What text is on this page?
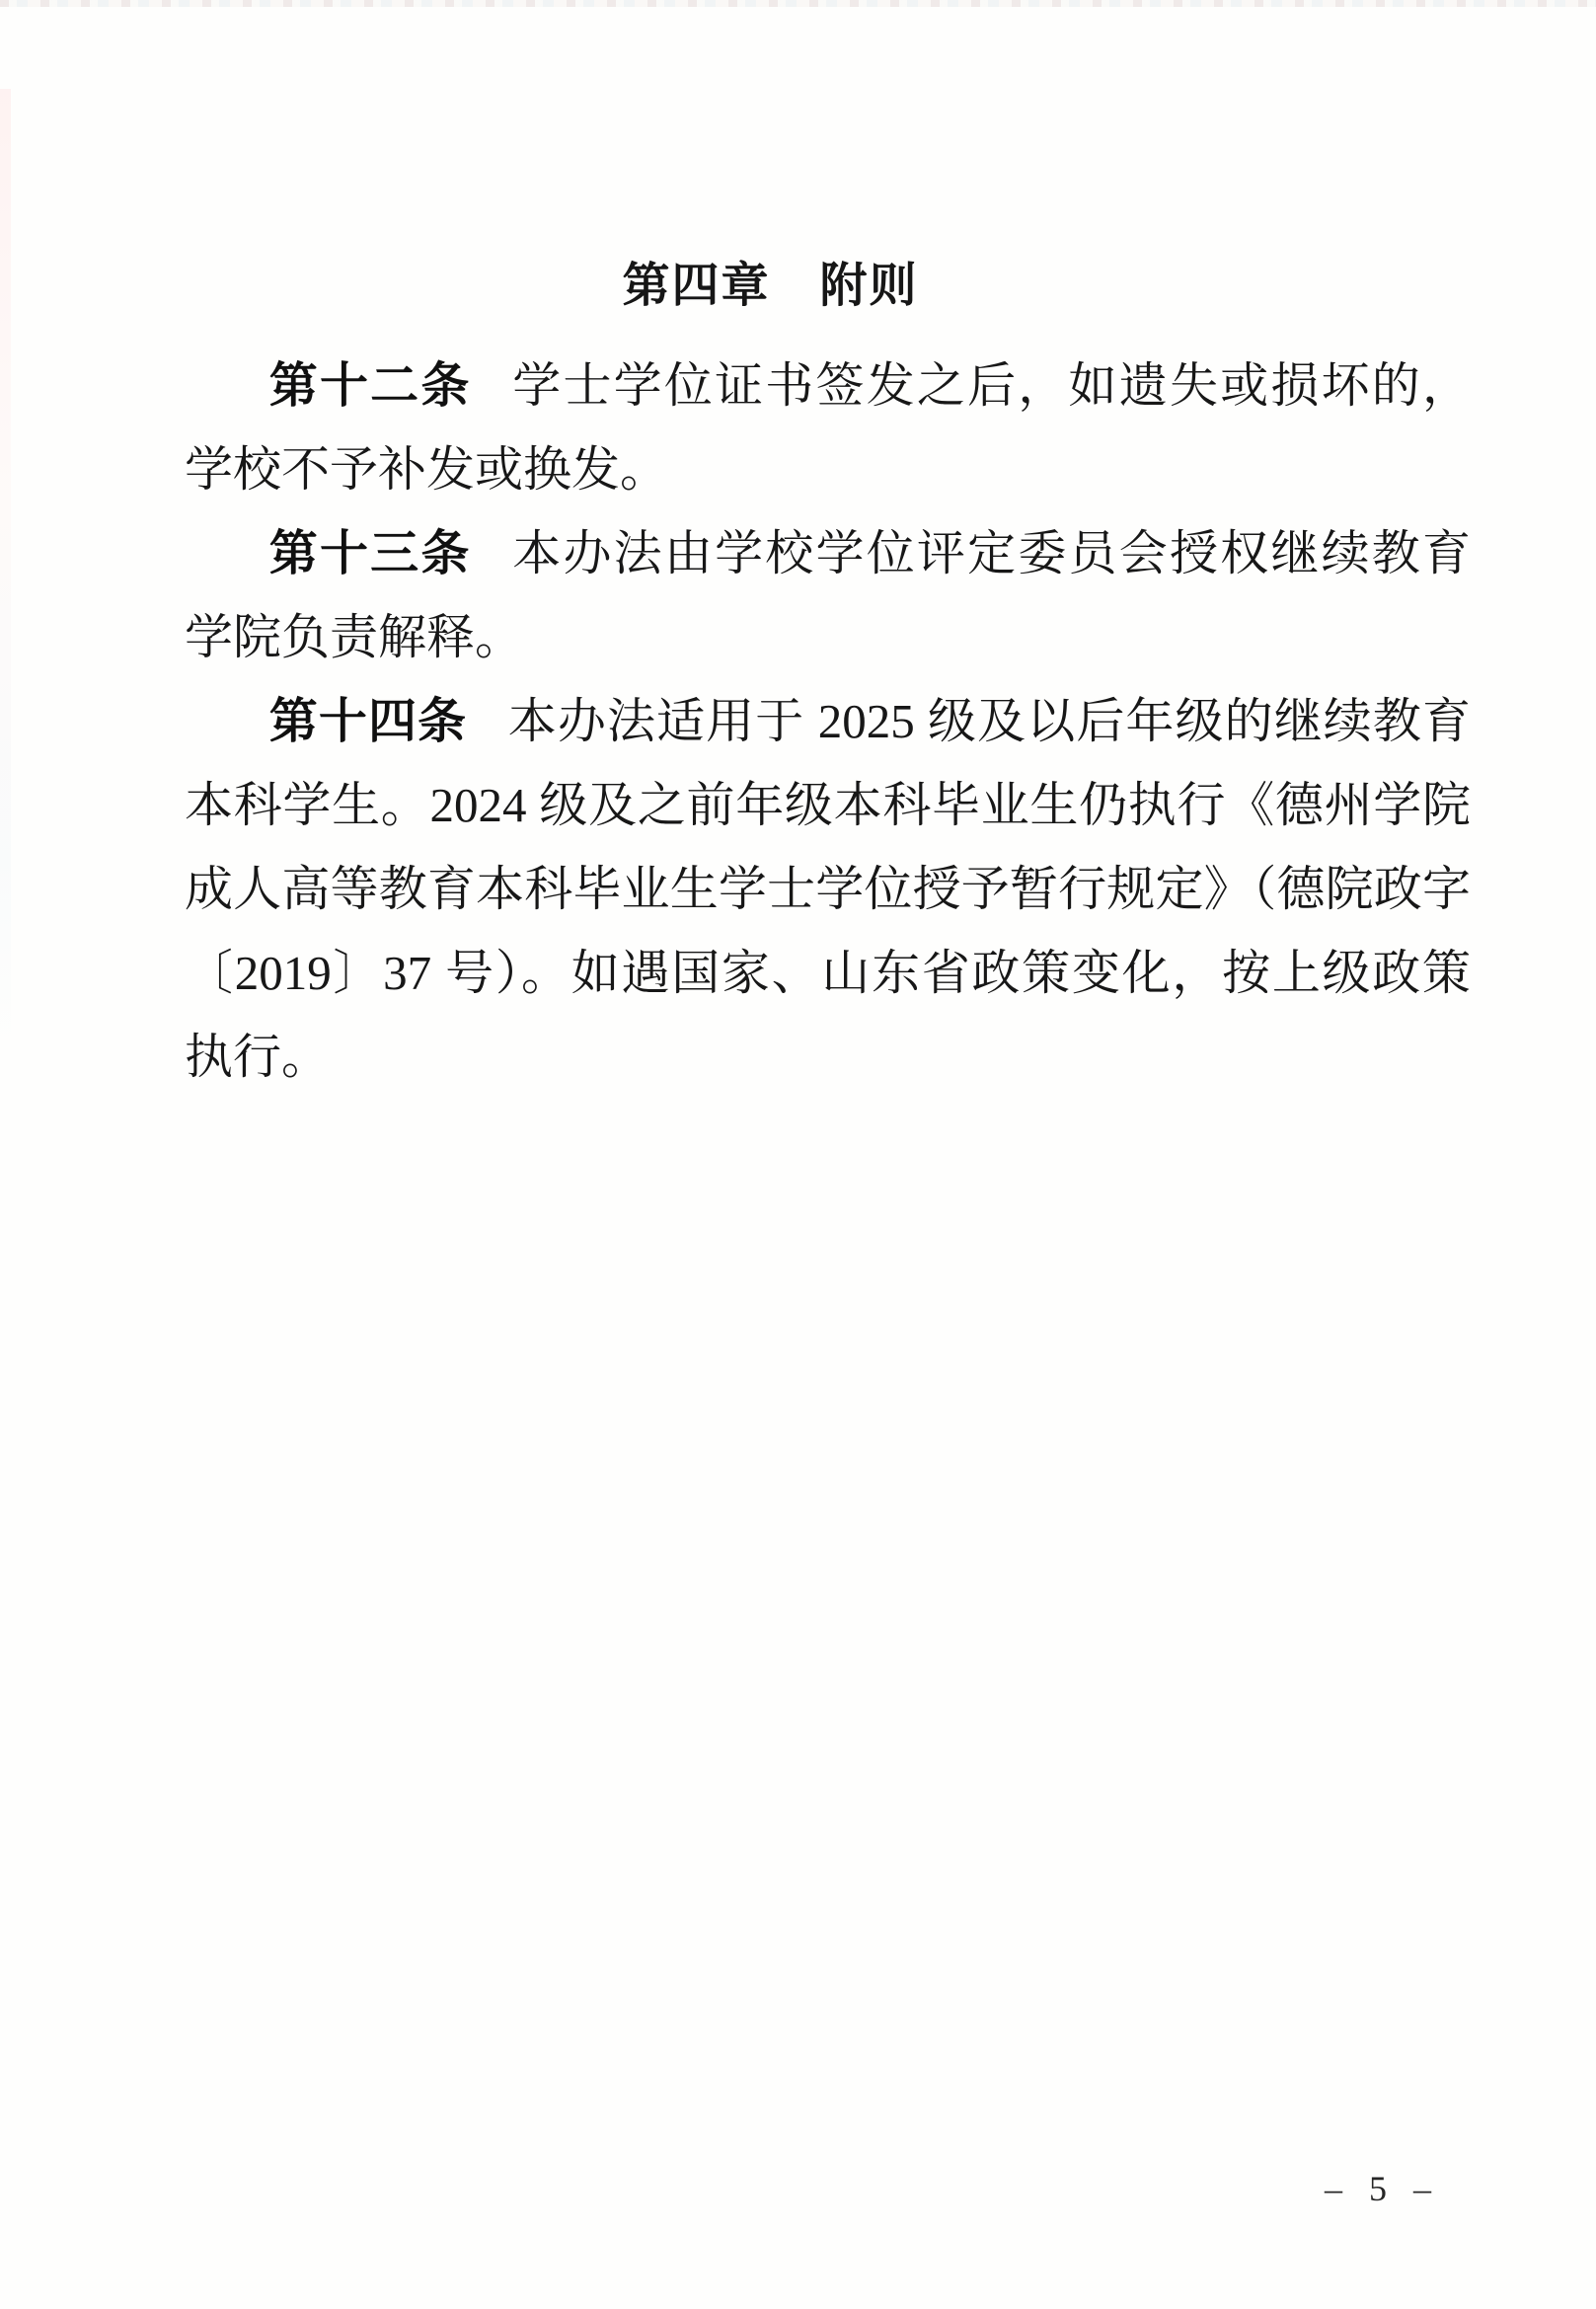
第四章　附则

第十二条 学士学位证书签发之后，如遗失或损坏的，学校不予补发或换发。

第十三条 本办法由学校学位评定委员会授权继续教育学院负责解释。

第十四条 本办法适用于 2025 级及以后年级的继续教育本科学生。2024 级及之前年级本科毕业生仍执行《德州学院成人高等教育本科毕业生学士学位授予暂行规定》（德院政字〔2019〕37 号）。如遇国家、山东省政策变化，按上级政策执行。

– 5 –
